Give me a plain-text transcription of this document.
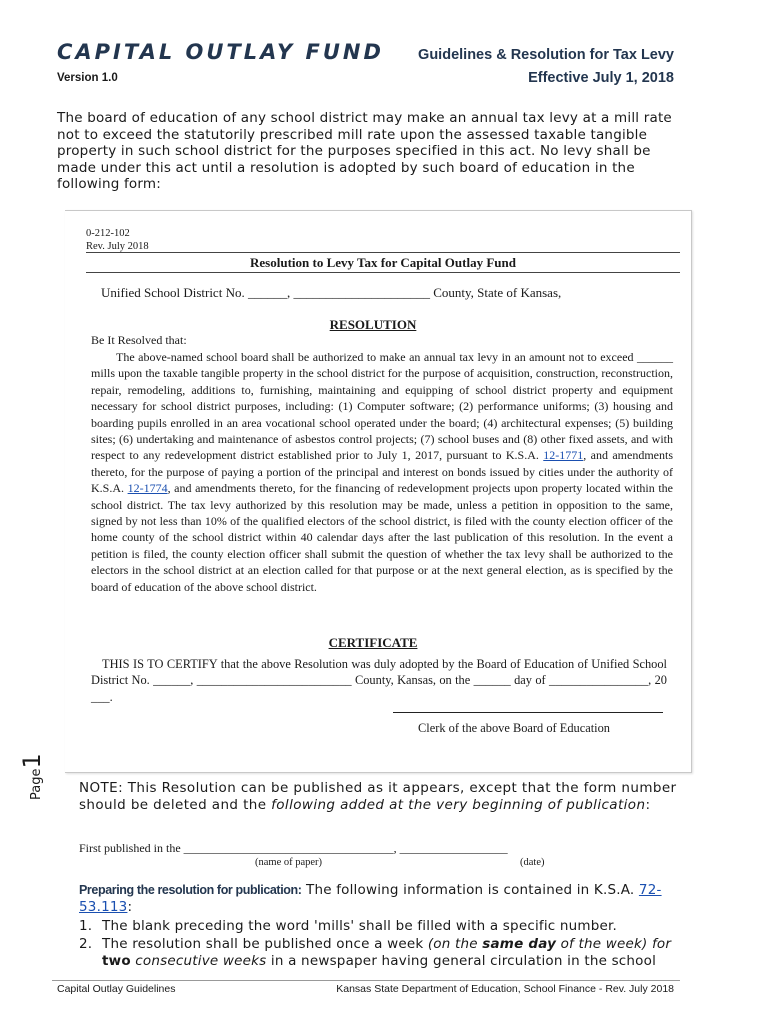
CAPITAL OUTLAY FUND Guidelines & Resolution for Tax Levy
Version 1.0	Effective July 1, 2018
The board of education of any school district may make an annual tax levy at a mill rate not to exceed the statutorily prescribed mill rate upon the assessed taxable tangible property in such school district for the purposes specified in this act. No levy shall be made under this act until a resolution is adopted by such board of education in the following form:
0-212-102
Rev. July 2018
Resolution to Levy Tax for Capital Outlay Fund
Unified School District No. ______, _____________________ County, State of Kansas,
RESOLUTION
Be It Resolved that:
The above-named school board shall be authorized to make an annual tax levy in an amount not to exceed ______ mills upon the taxable tangible property in the school district for the purpose of acquisition, construction, reconstruction, repair, remodeling, additions to, furnishing, maintaining and equipping of school district property and equipment necessary for school district purposes, including: (1) Computer software; (2) performance uniforms; (3) housing and boarding pupils enrolled in an area vocational school operated under the board; (4) architectural expenses; (5) building sites; (6) undertaking and maintenance of asbestos control projects; (7) school buses and (8) other fixed assets, and with respect to any redevelopment district established prior to July 1, 2017, pursuant to K.S.A. 12-1771, and amendments thereto, for the purpose of paying a portion of the principal and interest on bonds issued by cities under the authority of K.S.A. 12-1774, and amendments thereto, for the financing of redevelopment projects upon property located within the school district. The tax levy authorized by this resolution may be made, unless a petition in opposition to the same, signed by not less than 10% of the qualified electors of the school district, is filed with the county election officer of the home county of the school district within 40 calendar days after the last publication of this resolution. In the event a petition is filed, the county election officer shall submit the question of whether the tax levy shall be authorized to the electors in the school district at an election called for that purpose or at the next general election, as is specified by the board of education of the above school district.
CERTIFICATE
THIS IS TO CERTIFY that the above Resolution was duly adopted by the Board of Education of Unified School District No. ______, _________________________ County, Kansas, on the ______ day of ________________, 20 ___.
Clerk of the above Board of Education
Page1
NOTE: This Resolution can be published as it appears, except that the form number should be deleted and the following added at the very beginning of publication:
First published in the ___________________________________, __________________
(name of paper)	(date)
Preparing the resolution for publication: The following information is contained in K.S.A. 72-53.113:
1. The blank preceding the word 'mills' shall be filled with a specific number.
2. The resolution shall be published once a week (on the same day of the week) for two consecutive weeks in a newspaper having general circulation in the school
Capital Outlay Guidelines	Kansas State Department of Education, School Finance - Rev. July 2018
